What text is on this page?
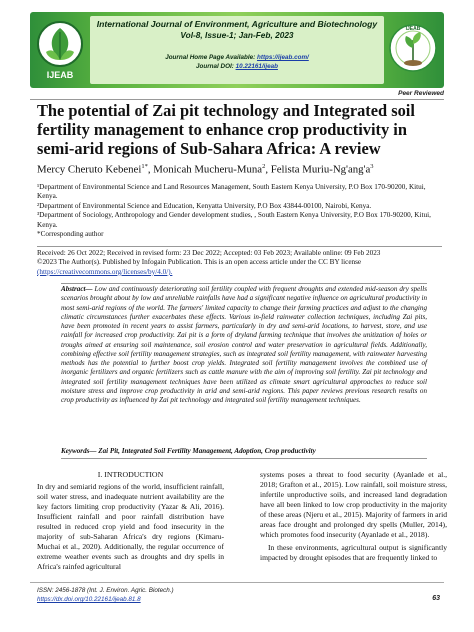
IJEAB
International Journal of Environment, Agriculture and Biotechnology
Vol-8, Issue-1; Jan-Feb, 2023
Journal Home Page Available: https://ijeab.com/
Journal DOI: 10.22161/ijeab
IJEAB
Peer Reviewed
The potential of Zai pit technology and Integrated soil fertility management to enhance crop productivity in semi-arid regions of Sub-Sahara Africa: A review
Mercy Cheruto Kebenei$^{1*}$, Monicah Mucheru-Muna$^2$, Felista Muriu-$Ng'ang'a^3$

¹Department of Environmental Science and Land Resources Management, South Eastern Kenya University, P.O Box 170-90200, Kitui, Kenya.

²Department of Environmental Science and Education, Kenyatta University, P.O Box 43844-00100, Nairobi, Kenya.

³Department of Sociology, Anthropology and Gender development studies, , South Eastern Kenya University, P.O Box 170-90200, Kitui, Kenya.

*Corresponding author

Received: 26 Oct 2022; Received in revised form: 23 Dec 2022; Accepted: 03 Feb 2023; Available online: 09 Feb 2023
©2023 The Author(s). Published by Infogain Publication. This is an open access article under the CC BY license
(https://creativecommons.org/licenses/by/4.0/).
Abstract— Low and continuously deteriorating soil fertility coupled with frequent droughts and extended mid-season dry spells scenarios brought about by low and unreliable rainfalls have had a significant negative influence on agricultural productivity in most semi-arid regions of the world. The farmers' limited capacity to change their farming practices and adjust to the changing climatic circumstances further exacerbates these effects. Various in-field rainwater collection techniques, including Zai pits, have been promoted in recent years to assist farmers, particularly in dry and semi-arid locations, to harvest, store, and use rainfall for increased crop productivity. Zai pit is a form of dryland farming technique that involves the unitization of holes or troughs aimed at ensuring soil maintenance, soil erosion control and water preservation in agricultural fields. Additionally, combining effective soil fertility management strategies, such as integrated soil fertility management, with rainwater harvesting methods has the potential to further boost crop yields. Integrated soil fertility management involves the combined use of inorganic fertilizers and organic fertilizers such as cattle manure with the aim of improving soil fertility. Zai pit technology and integrated soil fertility management techniques have been utilized as climate smart agricultural approaches to reduce soil moisture stress and improve crop productivity in arid and semi-arid regions. This paper reviews previous research results on crop productivity as influenced by Zai pit technology and integrated soil fertility management techniques.
Keywords— Zai Pit, Integrated Soil Fertility Management, Adoption, Crop productivity
I. INTRODUCTION

In dry and semiarid regions of the world, insufficient rainfall, soil water stress, and inadequate nutrient availability are the key factors limiting crop productivity (Yazar & Ali, 2016). Insufficient rainfall and poor rainfall distribution have resulted in reduced crop yield and food insecurity in the majority of sub-Saharan Africa's dry regions (Kimaru-Muchai et al., 2020). Additionally, the regular occurrence of extreme weather events such as droughts and dry spells in Africa's rainfed agricultural

systems poses a threat to food security (Ayanlade et al., 2018; Grafton et al., 2015). Low rainfall, soil moisture stress, infertile unproductive soils, and increased land degradation have all been linked to low crop productivity in the majority of these areas (Njeru et al., 2015). Majority of farmers in arid areas face drought and prolonged dry spells (Muller, 2014), which promotes food insecurity (Ayanlade et al., 2018).

In these environments, agricultural output is significantly impacted by drought episodes that are frequently linked to

ISSN: 2456-1878 (Int. J. Environ. Agric. Biotech.)
https://dx.doi.org/10.22161/ijeab.81.8	63
